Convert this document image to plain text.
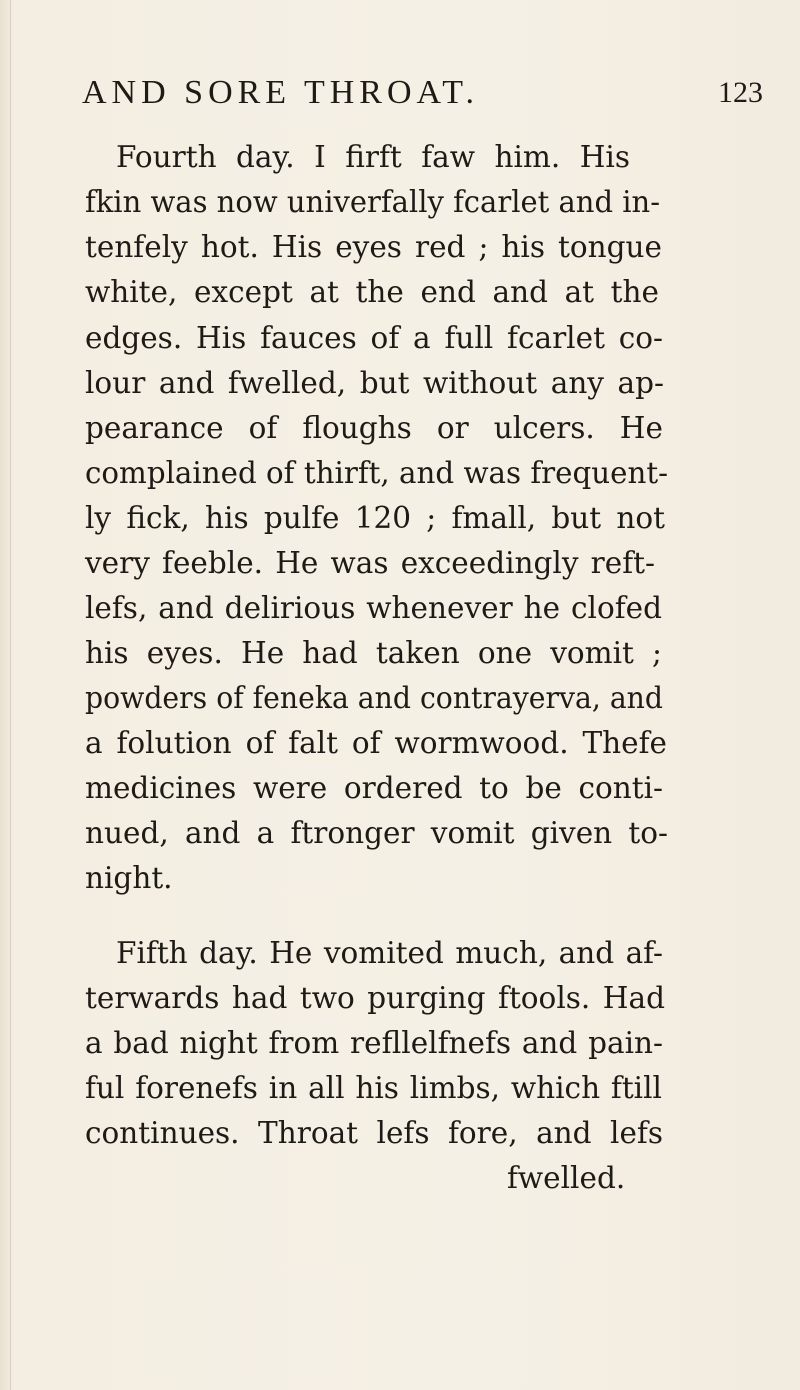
AND SORE THROAT.	123
Fourth day. I firft faw him. His
fkin was now univerfally fcarlet and in-
tenfely hot. His eyes red ; his tongue
white, except at the end and at the
edges. His fauces of a full fcarlet co-
lour and fwelled, but without any ap-
pearance of floughs or ulcers. He
complained of thirft, and was frequent-
ly fick, his pulfe 120 ; fmall, but not
very feeble. He was exceedingly reft-
lefs, and delirious whenever he clofed
his eyes. He had taken one vomit ;
powders of feneka and contrayerva, and
a folution of falt of wormwood. Thefe
medicines were ordered to be conti-
nued, and a ftronger vomit given to-
night.
Fifth day. He vomited much, and af-
terwards had two purging ftools. Had
a bad night from refllelfnefs and pain-
ful forenefs in all his limbs, which ftill
continues. Throat lefs fore, and lefs
fwelled.
